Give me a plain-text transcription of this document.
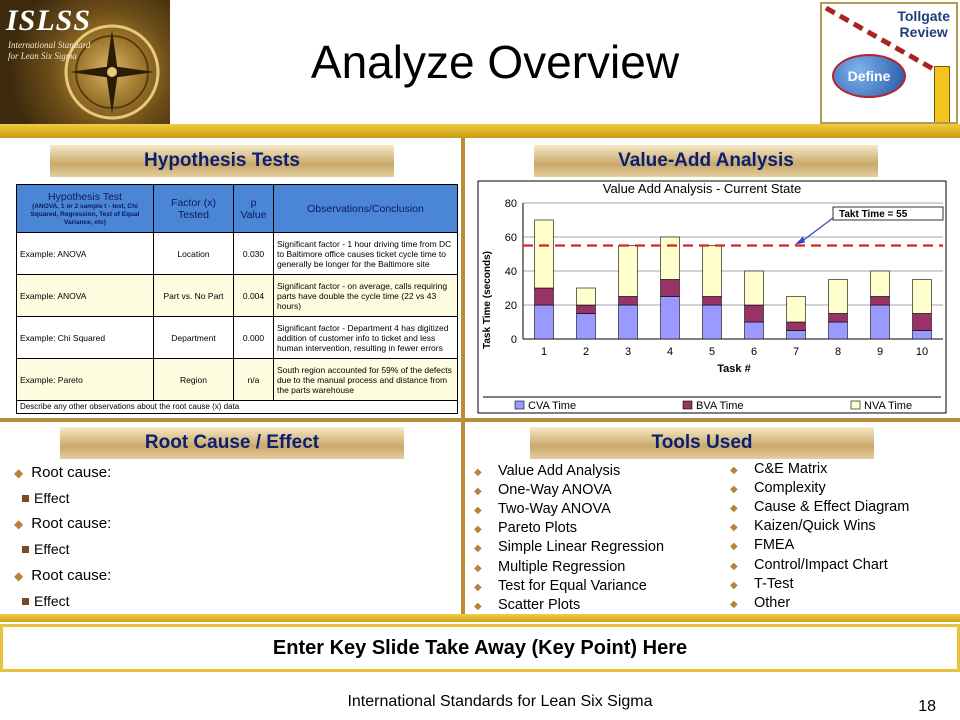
ISLSS
International Standard for Lean Six Sigma	Analyze Overview
Tollgate
Review
Define
Hypothesis Tests	Value-Add Analysis
Root Cause / Effect	Tools Used
Hypothesis Test
(ANOVA, 1 or 2 sample t - test, Chi Squared, Regression, Test of Equal Variance, etc)	Factor (x) Tested	p Value	Observations/Conclusion
Example: ANOVA	Location	0.030	Significant factor - 1 hour driving time from DC to Baltimore office causes ticket cycle time to generally be longer for the Baltimore site
Example: ANOVA	Part vs. No Part	0.004	Significant factor - on average, calls requiring parts have double the cycle time (22 vs 43 hours)
Example: Chi Squared	Department	0.000	Significant factor - Department 4 has digitized addition of customer info to ticket and less human intervention, resulting in fewer errors
Example: Pareto	Region	n/a	South region accounted for 59% of the defects due to the manual process and distance from the parts warehouse
Describe any other observations about the root cause (x) data			
Value Add Analysis - Current State
Task Time (seconds)
Task #
0
20
40
60
80
1	2	3	4	5	6	7	8	9	10
Takt Time = 55
CVA Time	BVA Time	NVA Time
◆ Root cause:
Effect
◆ Root cause:
Effect
◆ Root cause:
Effect
◆ Value Add Analysis
◆ One-Way ANOVA
◆ Two-Way ANOVA
◆ Pareto Plots
◆ Simple Linear Regression
◆ Multiple Regression
◆ Test for Equal Variance
◆ Scatter Plots
◆ C&E Matrix
◆ Complexity
◆ Cause & Effect Diagram
◆ Kaizen/Quick Wins
◆ FMEA
◆ Control/Impact Chart
◆ T-Test
◆ Other
Enter Key Slide Take Away (Key Point) Here
International Standards for Lean Six Sigma	18
